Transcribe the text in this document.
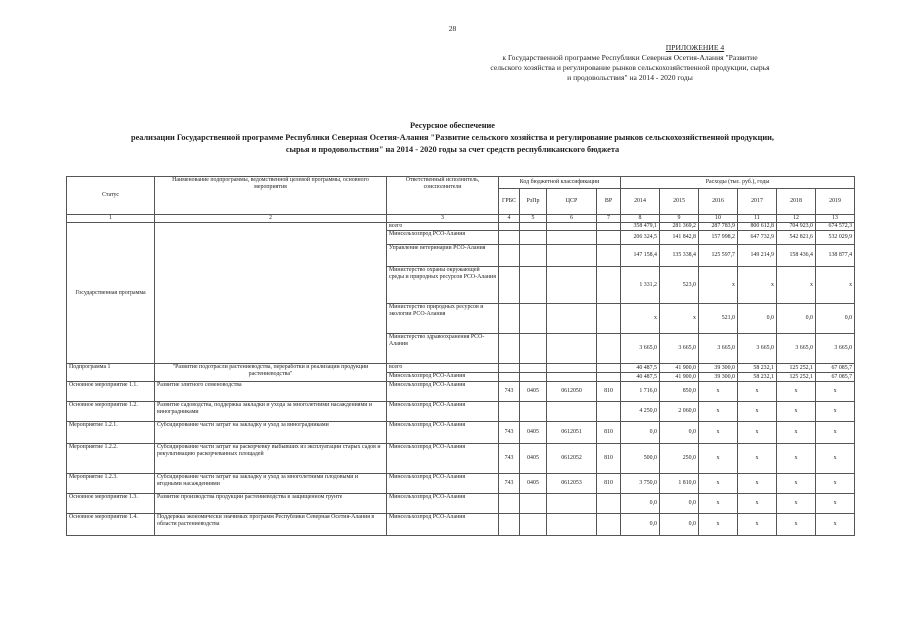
28
ПРИЛОЖЕНИЕ 4
к Государственной программе Республики Северная Осетия-Алания "Развитие
сельского хозяйства и регулирование рынков сельскохозяйственной продукции, сырья
и продовольствия" на 2014 - 2020 годы
Ресурсное обеспечение
реализации Государственной программе Республики Северная Осетия-Алания "Развитие сельского хозяйства и регулирование рынков сельскохозяйственной продукции,
сырья и продовольствия" на 2014 - 2020 годы за счет средств республиканского бюджета
Статус	Наименование подпрограммы, ведомственной целевой программы, основного мероприятия	Ответственный исполнитель, соисполнители	Код бюджетной классификации				Расходы (тыс. руб.), годы					
			ГРБС	РзПр	ЦСР	ВР	2014	2015	2016	2017	2018	2019
1	2	3	4	5	6	7	8	9	10	11	12	13
Государственная программа		всего					358 479,1	281 369,2	287 783,9	800 612,8	704 923,0	674 572,3
		Минсельхозпрод РСО-Алания					206 324,5	141 842,8	157 998,2	647 732,9	542 821,6	532 029,9
		Управление ветеринарии РСО-Алания					147 158,4	135 338,4	125 597,7	149 214,9	158 436,4	138 877,4
		Министерство охраны окружающей среды и природных ресурсов РСО-Алания					1 331,2	523,0	x	x	x	x
		Министерство природных ресурсов и экологии РСО-Алания					x	x	521,0	0,0	0,0	0,0
		Министерство здравоохранения РСО-Алания					3 665,0	3 665,0	3 665,0	3 665,0	3 665,0	3 665,0
Подпрограмма 1	"Развитие подотрасли растениеводства, переработки и реализации продукции растениеводства"	всего					40 487,5	41 900,0	39 300,0	58 232,1	125 252,1	67 085,7
		Минсельхозпрод РСО-Алания					40 487,5	41 900,0	39 300,0	58 232,1	125 252,1	67 085,7
Основное мероприятие 1.1.	Развитие элитного семеноводства	Минсельхозпрод РСО-Алания	743	0405	0612050	810	1 716,0	850,0	x	x	x	x
Основное мероприятие 1.2.	Развитие садоводства, поддержка закладки и ухода за многолетними насаждениями и виноградниками	Минсельхозпрод РСО-Алания					4 250,0	2 060,0	x	x	x	x
Мероприятие 1.2.1.	Субсидирование части затрат на закладку и уход за виноградниками	Минсельхозпрод РСО-Алания	743	0405	0612051	810	0,0	0,0	x	x	x	x
Мероприятие 1.2.2.	Субсидирование части затрат на раскорчевку выбывших из эксплуатации старых садов и рекультивацию раскорчеванных площадей	Минсельхозпрод РСО-Алания	743	0405	0612052	810	500,0	250,0	x	x	x	x
Мероприятие 1.2.3.	Субсидирование части затрат на закладку и уход за многолетними плодовыми и ягодными насаждениями	Минсельхозпрод РСО-Алания	743	0405	0612053	810	3 750,0	1 810,0	x	x	x	x
Основное мероприятие 1.3.	Развитие производства продукции растениеводства в защищенном грунте	Минсельхозпрод РСО-Алания					0,0	0,0	x	x	x	x
Основное мероприятие 1.4.	Поддержка экономически значимых программ Республики Северная Осетия-Алания в области растениеводства	Минсельхозпрод РСО-Алания					0,0	0,0	x	x	x	x
